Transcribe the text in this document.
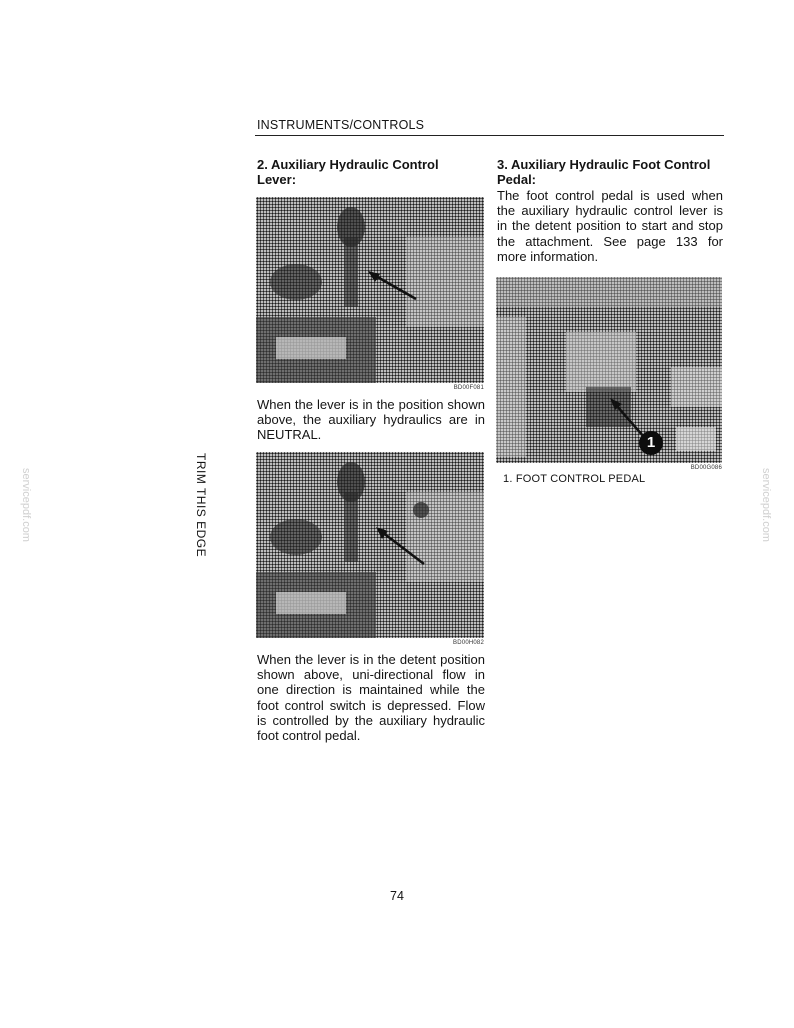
INSTRUMENTS/CONTROLS
2. Auxiliary Hydraulic Control
Lever:
BD00F081
When the lever is in the position shown above, the auxiliary hydraulics are in NEUTRAL.
BD00H082
When the lever is in the detent position shown above, uni-directional flow in one direction is maintained while the foot control switch is depressed. Flow is controlled by the auxiliary hydraulic foot control pedal.
3. Auxiliary Hydraulic Foot Control
Pedal:
The foot control pedal is used when the auxiliary hydraulic control lever is in the detent position to start and stop the attachment. See page 133 for more information.
1
BD00G086
1. FOOT CONTROL PEDAL
TRIM THIS EDGE
servicepdf.com	servicepdf.com
74
